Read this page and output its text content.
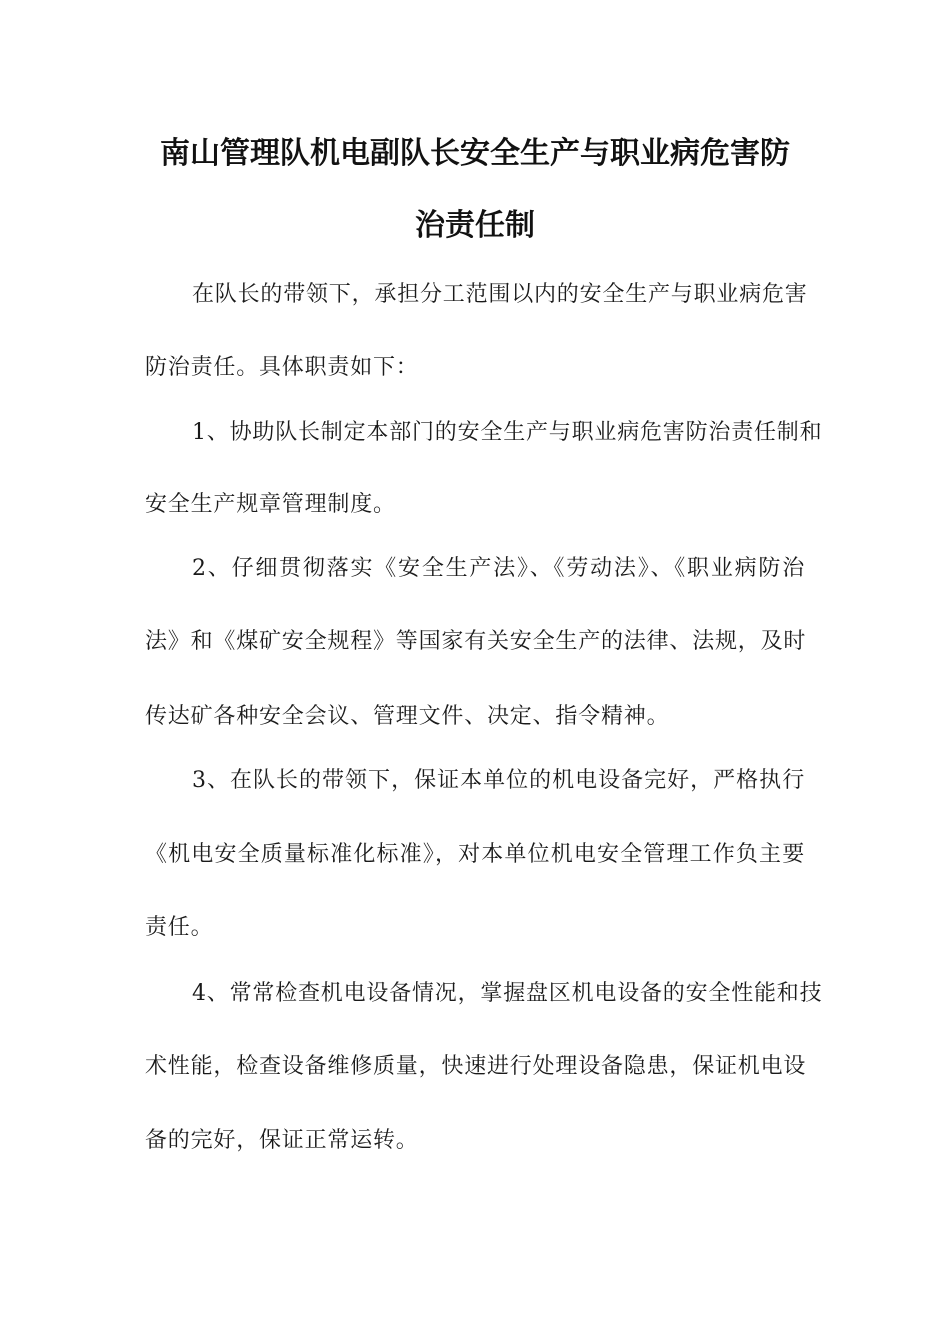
南山管理队机电副队长安全生产与职业病危害防
治责任制
在队长的带领下，承担分工范围以内的安全生产与职业病危害
防治责任。具体职责如下：
1、协助队长制定本部门的安全生产与职业病危害防治责任制和
安全生产规章管理制度。
2、仔细贯彻落实《安全生产法》、《劳动法》、《职业病防治
法》和《煤矿安全规程》等国家有关安全生产的法律、法规，及时
传达矿各种安全会议、管理文件、决定、指令精神。
3、在队长的带领下，保证本单位的机电设备完好，严格执行
《机电安全质量标准化标准》，对本单位机电安全管理工作负主要
责任。
4、常常检查机电设备情况，掌握盘区机电设备的安全性能和技
术性能，检查设备维修质量，快速进行处理设备隐患，保证机电设
备的完好，保证正常运转。
